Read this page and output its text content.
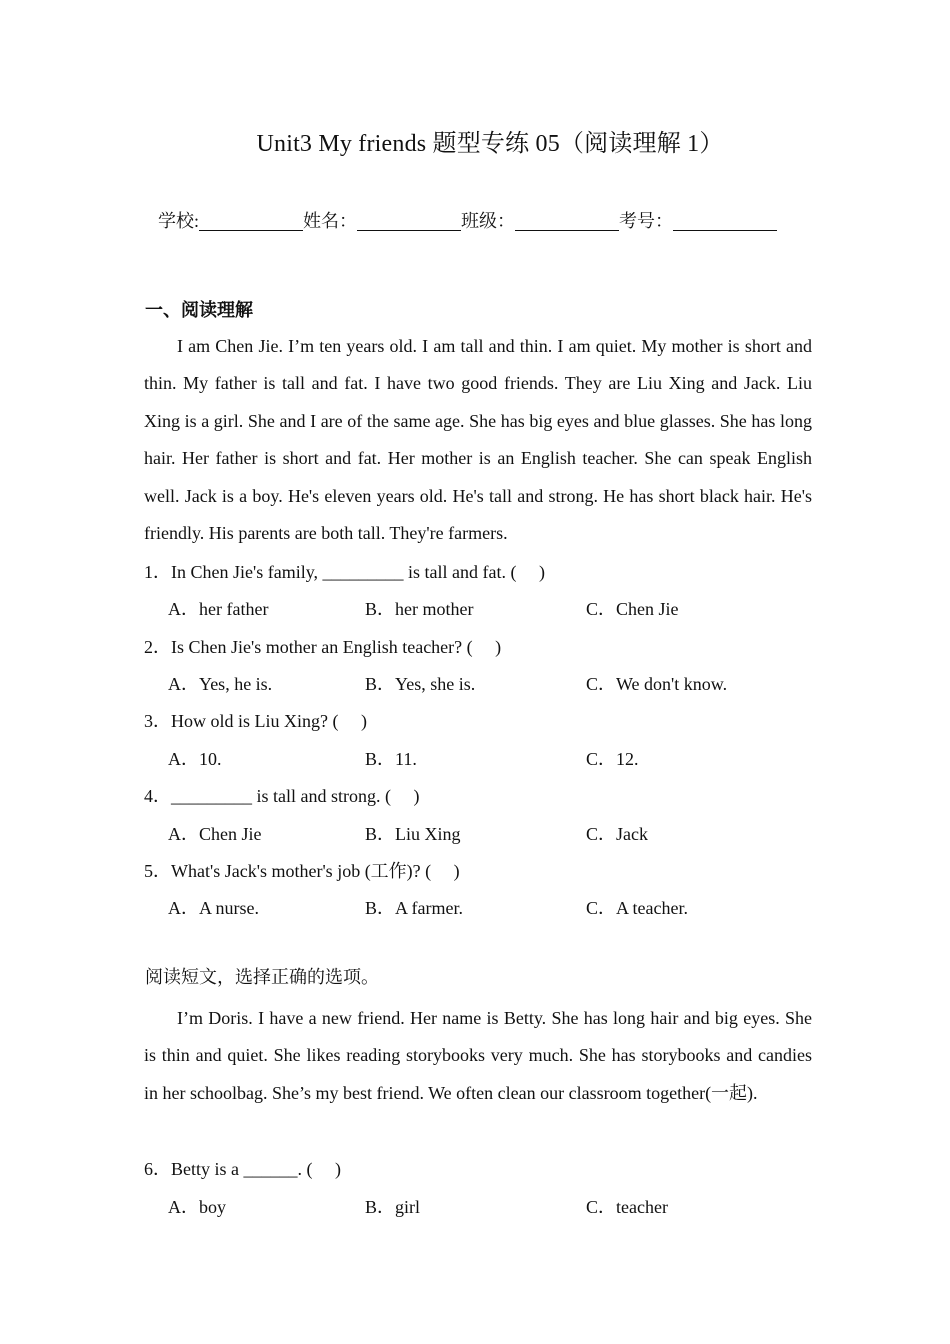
Unit3 My friends 题型专练 05（阅读理解 1）
学校:	姓名：	班级：	考号：
一、阅读理解
I am Chen Jie. I’m ten years old. I am tall and thin. I am quiet. My mother is short and thin. My father is tall and fat. I have two good friends. They are Liu Xing and Jack. Liu Xing is a girl. She and I are of the same age. She has big eyes and blue glasses. She has long hair. Her father is short and fat. Her mother is an English teacher. She can speak English well. Jack is a boy. He's eleven years old. He's tall and strong. He has short black hair. He's friendly. His parents are both tall. They're farmers.
1．In Chen Jie's family, _________ is tall and fat. (　 )
A．her father	B．her mother	C．Chen Jie
2．Is Chen Jie's mother an English teacher? (　 )
A．Yes, he is.	B．Yes, she is.	C．We don't know.
3．How old is Liu Xing? (　 )
A．10.	B．11.	C．12.
4．_________ is tall and strong. (　 )
A．Chen Jie	B．Liu Xing	C．Jack
5．What's Jack's mother's job (工作)? (　 )
A．A nurse.	B．A farmer.	C．A teacher.
阅读短文，选择正确的选项。
I’m Doris. I have a new friend. Her name is Betty. She has long hair and big eyes. She is thin and quiet. She likes reading storybooks very much. She has storybooks and candies in her schoolbag. She’s my best friend. We often clean our classroom together(一起).
6．Betty is a ______. (　 )
A．boy	B．girl	C．teacher
